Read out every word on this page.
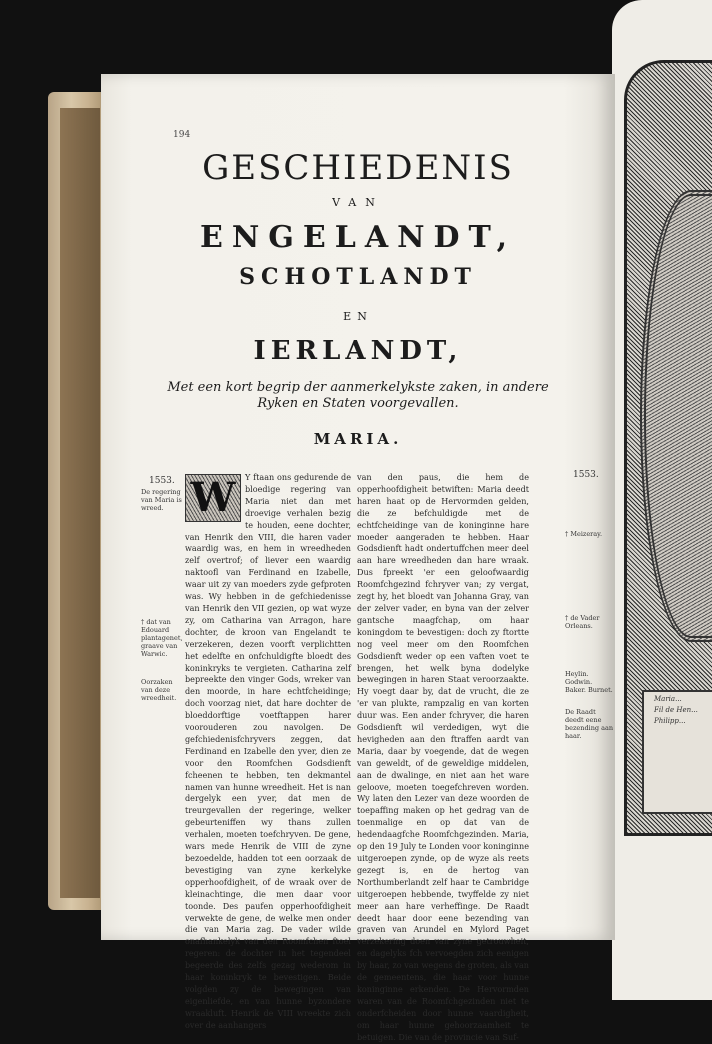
Maria...
Fil de Hen...
Philipp...
194
GESCHIEDENIS
VAN
ENGELANDT,
SCHOTLANDT
EN
IERLANDT,
Met een kort begrip der aanmerkelykste zaken, in andere
Ryken en Staten voorgevallen.
MARIA.
1553.
1553.
De regering van Maria is wreed.
† dat van Edouard plantagenet, graave van Warwic.
Oorzaken van deze wreedheit.
† Meizeray.
† de Vader Orleans.
Heylin. Godwin. Baker. Burnet.
De Raadt deedt eene bezending aan haar.
W	Y ftaan ons gedurende de bloedige regering van Maria niet dan met droevige verhalen bezig te houden, eene dochter, van Henrik den VIII, die haren vader waardig was, en hem in wreedheden zelf overtrof; of liever een waardig naktoofl van Ferdinand en Izabelle, waar uit zy van moeders zyde gefproten was. Wy hebben in de gefchiedenisse van Henrik den VII gezien, op wat wyze zy, om Catharina van Arragon, hare dochter, de kroon van Engelandt te verzekeren, dezen voorft verplichtten het edelfte en onfchuldigfte bloedt des koninkryks te vergieten. Catharina zelf bepreekte den vinger Gods, wreker van den moorde, in hare echtfcheidinge; doch voorzag niet, dat hare dochter de bloeddorftige voetftappen harer voorouderen zou navolgen. De gefchiedenisfchryvers zeggen, dat Ferdinand en Izabelle den yver, dien ze voor den Roomfchen Godsdienft fcheenen te hebben, ten dekmantel namen van hunne wreedheit. Het is nan dergelyk een yver, dat men de treurgevallen der regeringe, welker gebeurteniffen wy thans zullen verhalen, moeten toefchryven. De gene, wars mede Henrik de VIII de zyne bezoedelde, hadden tot een oorzaak de bevestiging van zyne kerkelyke opperhoofdigheit, of de wraak over de kleinachtinge, die men daar voor toonde. Des paufen opperhoofdigheit verwekte de gene, de welke men onder die van Maria zag. De vader wilde onafhankelyk van den Roomfchen ftoel regeren: de dochter in het tegendeel begeerde des zelfs gezag wederom in haar koninkryk te bevestigen. Beide volgden zy de bewegingen van eigenliefde, en van hunne byzondere wraakluft. Henrik de VIII wreekte zich over de aanhangers
van den paus, die hem de opperhoofdigheit betwiften: Maria deedt haren haat op de Hervormden gelden, die ze befchuldigde met de echtfcheidinge van de koninginne hare moeder aangeraden te hebben. Haar Godsdienft hadt ondertuffchen meer deel aan hare wreedheden dan hare wraak. Dus fpreekt 'er een geloofwaardig Roomfchgezind fchryver van; zy vergat, zegt hy, het bloedt van Johanna Gray, van der zelver vader, en byna van der zelver gantsche maagfchap, om haar koningdom te bevestigen: doch zy ftortte nog veel meer om den Roomfchen Godsdienft weder op een vaften voet te brengen, het welk byna dodelyke bewegingen in haren Staat veroorzaakte. Hy voegt daar by, dat de vrucht, die ze 'er van plukte, rampzalig en van korten duur was. Een ander fchryver, die haren Godsdienft wil verdedigen, wyt die hevigheden aan den ftraffen aardt van Maria, daar by voegende, dat de wegen van geweldt, of de geweldige middelen, aan de dwalinge, en niet aan het ware geloove, moeten toegefchreven worden. Wy laten den Lezer van deze woorden de toepaffing maken op het gedrag van de toenmalige en op dat van de hedendaagfche Roomfchgezinden. Maria, op den 19 July te Londen voor koninginne uitgeroepen zynde, op de wyze als reets gezegt is, en de hertog van Northumberlandt zelf haar te Cambridge uitgeroepen hebbende, twyffelde zy niet meer aan hare verheffinge. De Raadt deedt haar door eene bezending van graven van Arundel en Mylord Paget verzekering doen van zyne getrouwheit, en dagelyks fch vervoegden zich eenigen by haar, zo van wegens de groten, als van de gemeentens, die haar voor hunne koninginne erkenden. De Hervormden waren van de Roomfchgezinden niet te onderfcheiden door hunne vaardigheit, om haar hunne gehoorzaamheit te betuigen. Die van de provincie van Suf-
